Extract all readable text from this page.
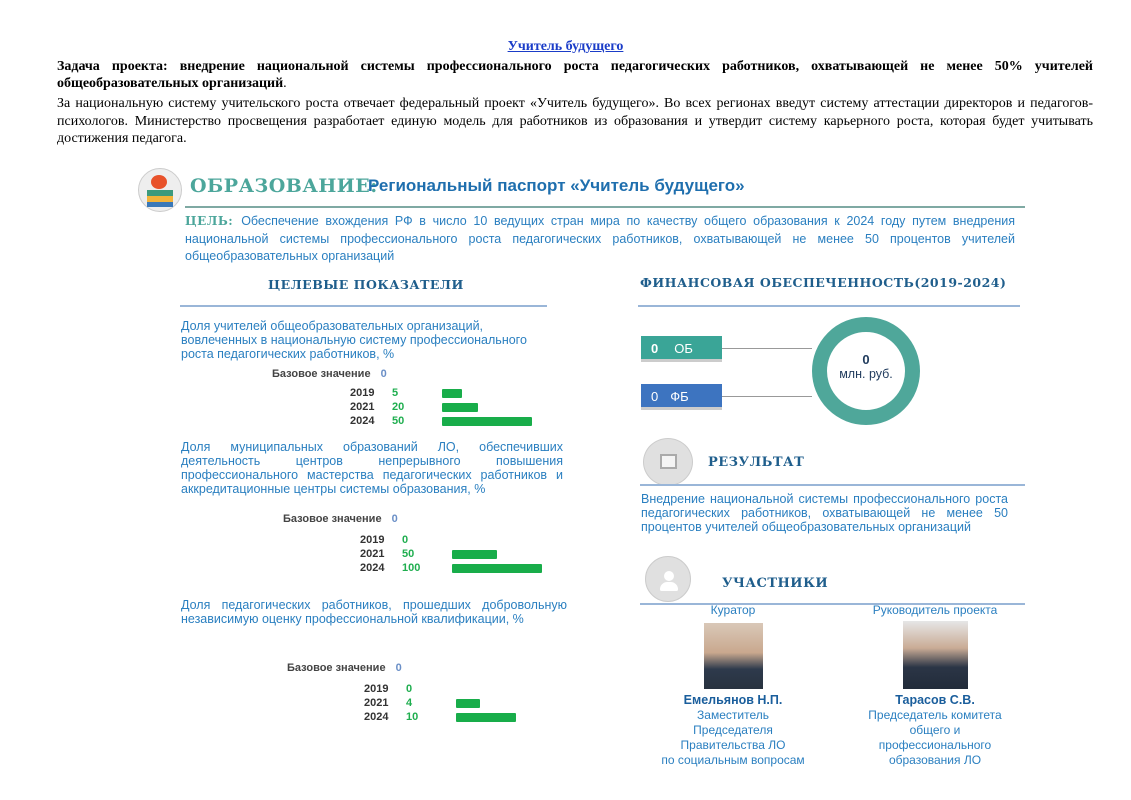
Учитель будущего
Задача проекта: внедрение национальной системы профессионального роста педагогических работников, охватывающей не менее 50% учителей общеобразовательных организаций.
За национальную систему учительского роста отвечает федеральный проект «Учитель будущего». Во всех регионах введут систему аттестации директоров и педагогов-психологов. Министерство просвещения разработает единую модель для работников из образования и утвердит систему карьерного роста, которая будет учитывать достижения педагога.
ОБРАЗОВАНИЕ:
Региональный паспорт «Учитель будущего»
ЦЕЛЬ: Обеспечение вхождения РФ в число 10 ведущих стран мира по качеству общего образования к 2024 году путем внедрения национальной системы профессионального роста педагогических работников, охватывающей не менее 50 процентов учителей общеобразовательных организаций
ЦЕЛЕВЫЕ ПОКАЗАТЕЛИ	ФИНАНСОВАЯ ОБЕСПЕЧЕННОСТЬ(2019-2024)
Доля учителей общеобразовательных организаций, вовлеченных в национальную систему профессионального роста педагогических работников, %
Базовое значение 0
2019	5
2021	20
2024	50
Доля муниципальных образований ЛО, обеспечивших деятельность центров непрерывного повышения профессионального мастерства педагогических работников и аккредитационные центры системы образования, %
Базовое значение 0
2019	0
2021	50
2024	100
Доля педагогических работников, прошедших добровольную независимую оценку профессиональной квалификации, %
Базовое значение 0
2019	0
2021	4
2024	10
0 ОБ
0 ФБ
0
млн. руб.
РЕЗУЛЬТАТ
Внедрение национальной системы профессионального роста педагогических работников, охватывающей не менее 50 процентов учителей общеобразовательных организаций
УЧАСТНИКИ
Куратор
Емельянов Н.П.
Заместитель
Председателя
Правительства ЛО
по социальным вопросам
Руководитель проекта
Тарасов С.В.
Председатель комитета
общего и
профессионального
образования ЛО
